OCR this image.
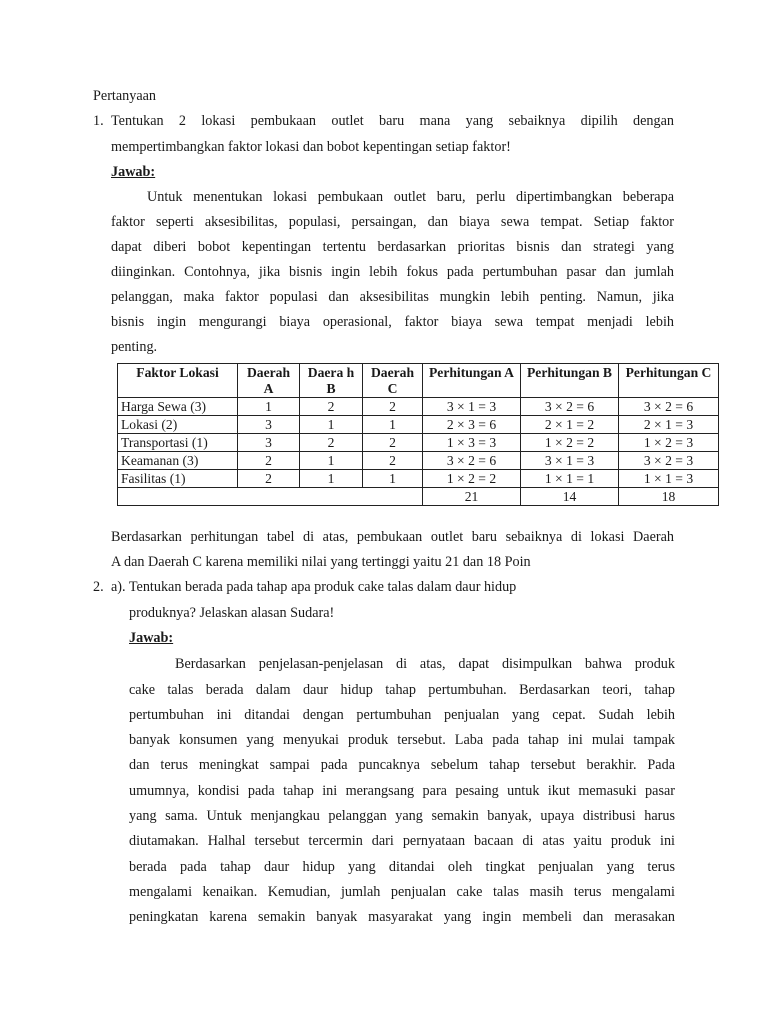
Pertanyaan
1. Tentukan 2 lokasi pembukaan outlet baru mana yang sebaiknya dipilih dengan
mempertimbangkan faktor lokasi dan bobot kepentingan setiap faktor!
Jawab:
Untuk menentukan lokasi pembukaan outlet baru, perlu dipertimbangkan beberapa
faktor seperti aksesibilitas, populasi, persaingan, dan biaya sewa tempat. Setiap faktor
dapat diberi bobot kepentingan tertentu berdasarkan prioritas bisnis dan strategi yang
diinginkan. Contohnya, jika bisnis ingin lebih fokus pada pertumbuhan pasar dan jumlah
pelanggan, maka faktor populasi dan aksesibilitas mungkin lebih penting. Namun, jika
bisnis ingin mengurangi biaya operasional, faktor biaya sewa tempat menjadi lebih
penting.
Faktor Lokasi	Daerah A	Daera h B	Daerah C	Perhitungan A	Perhitungan B	Perhitungan C
Harga Sewa (3)	1	2	2	3 × 1 = 3	3 × 2 = 6	3 × 2 = 6
Lokasi (2)	3	1	1	2 × 3 = 6	2 × 1 = 2	2 × 1 = 3
Transportasi (1)	3	2	2	1 × 3 = 3	1 × 2 = 2	1 × 2 = 3
Keamanan (3)	2	1	2	3 × 2 = 6	3 × 1 = 3	3 × 2 = 3
Fasilitas (1)	2	1	1	1 × 2 = 2	1 × 1 = 1	1 × 1 = 3
				21	14	18
Berdasarkan perhitungan tabel di atas, pembukaan outlet baru sebaiknya di lokasi Daerah
A dan Daerah C karena memiliki nilai yang tertinggi yaitu 21 dan 18 Poin
2. a). Tentukan berada pada tahap apa produk cake talas dalam daur hidup
produknya? Jelaskan alasan Sudara!
Jawab:
Berdasarkan penjelasan-penjelasan di atas, dapat disimpulkan bahwa produk
cake talas berada dalam daur hidup tahap pertumbuhan. Berdasarkan teori, tahap
pertumbuhan ini ditandai dengan pertumbuhan penjualan yang cepat. Sudah lebih
banyak konsumen yang menyukai produk tersebut. Laba pada tahap ini mulai tampak
dan terus meningkat sampai pada puncaknya sebelum tahap tersebut berakhir. Pada
umumnya, kondisi pada tahap ini merangsang para pesaing untuk ikut memasuki pasar
yang sama. Untuk menjangkau pelanggan yang semakin banyak, upaya distribusi harus
diutamakan. Halhal tersebut tercermin dari pernyataan bacaan di atas yaitu produk ini
berada pada tahap daur hidup yang ditandai oleh tingkat penjualan yang terus
mengalami kenaikan. Kemudian, jumlah penjualan cake talas masih terus mengalami
peningkatan karena semakin banyak masyarakat yang ingin membeli dan merasakan
